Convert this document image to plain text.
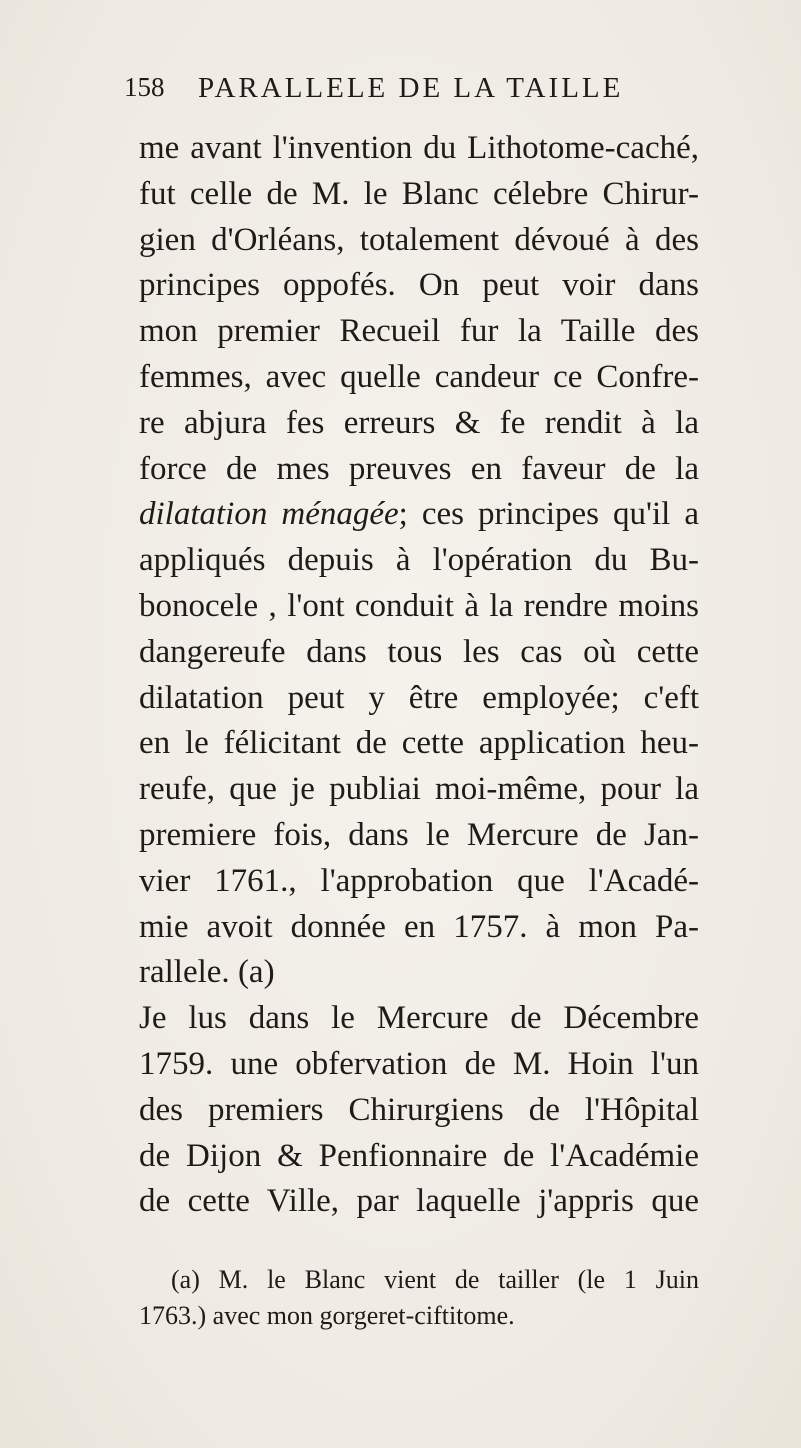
158 PARALLELE DE LA TAILLE
me avant l'invention du Lithotome-caché,
fut celle de M. le Blanc célebre Chirur-
gien d'Orléans, totalement dévoué à des
principes oppofés. On peut voir dans
mon premier Recueil fur la Taille des
femmes, avec quelle candeur ce Confre-
re abjura fes erreurs & fe rendit à la
force de mes preuves en faveur de la
dilatation ménagée; ces principes qu'il a
appliqués depuis à l'opération du Bu-
bonocele , l'ont conduit à la rendre moins
dangereufe dans tous les cas où cette
dilatation peut y être employée; c'eft
en le félicitant de cette application heu-
reufe, que je publiai moi-même, pour la
premiere fois, dans le Mercure de Jan-
vier 1761., l'approbation que l'Acadé-
mie avoit donnée en 1757. à mon Pa-
rallele. (a)
Je lus dans le Mercure de Décembre
1759. une obfervation de M. Hoin l'un
des premiers Chirurgiens de l'Hôpital
de Dijon & Penfionnaire de l'Académie
de cette Ville, par laquelle j'appris que
(a) M. le Blanc vient de tailler (le 1 Juin
1763.) avec mon gorgeret-ciftitome.
